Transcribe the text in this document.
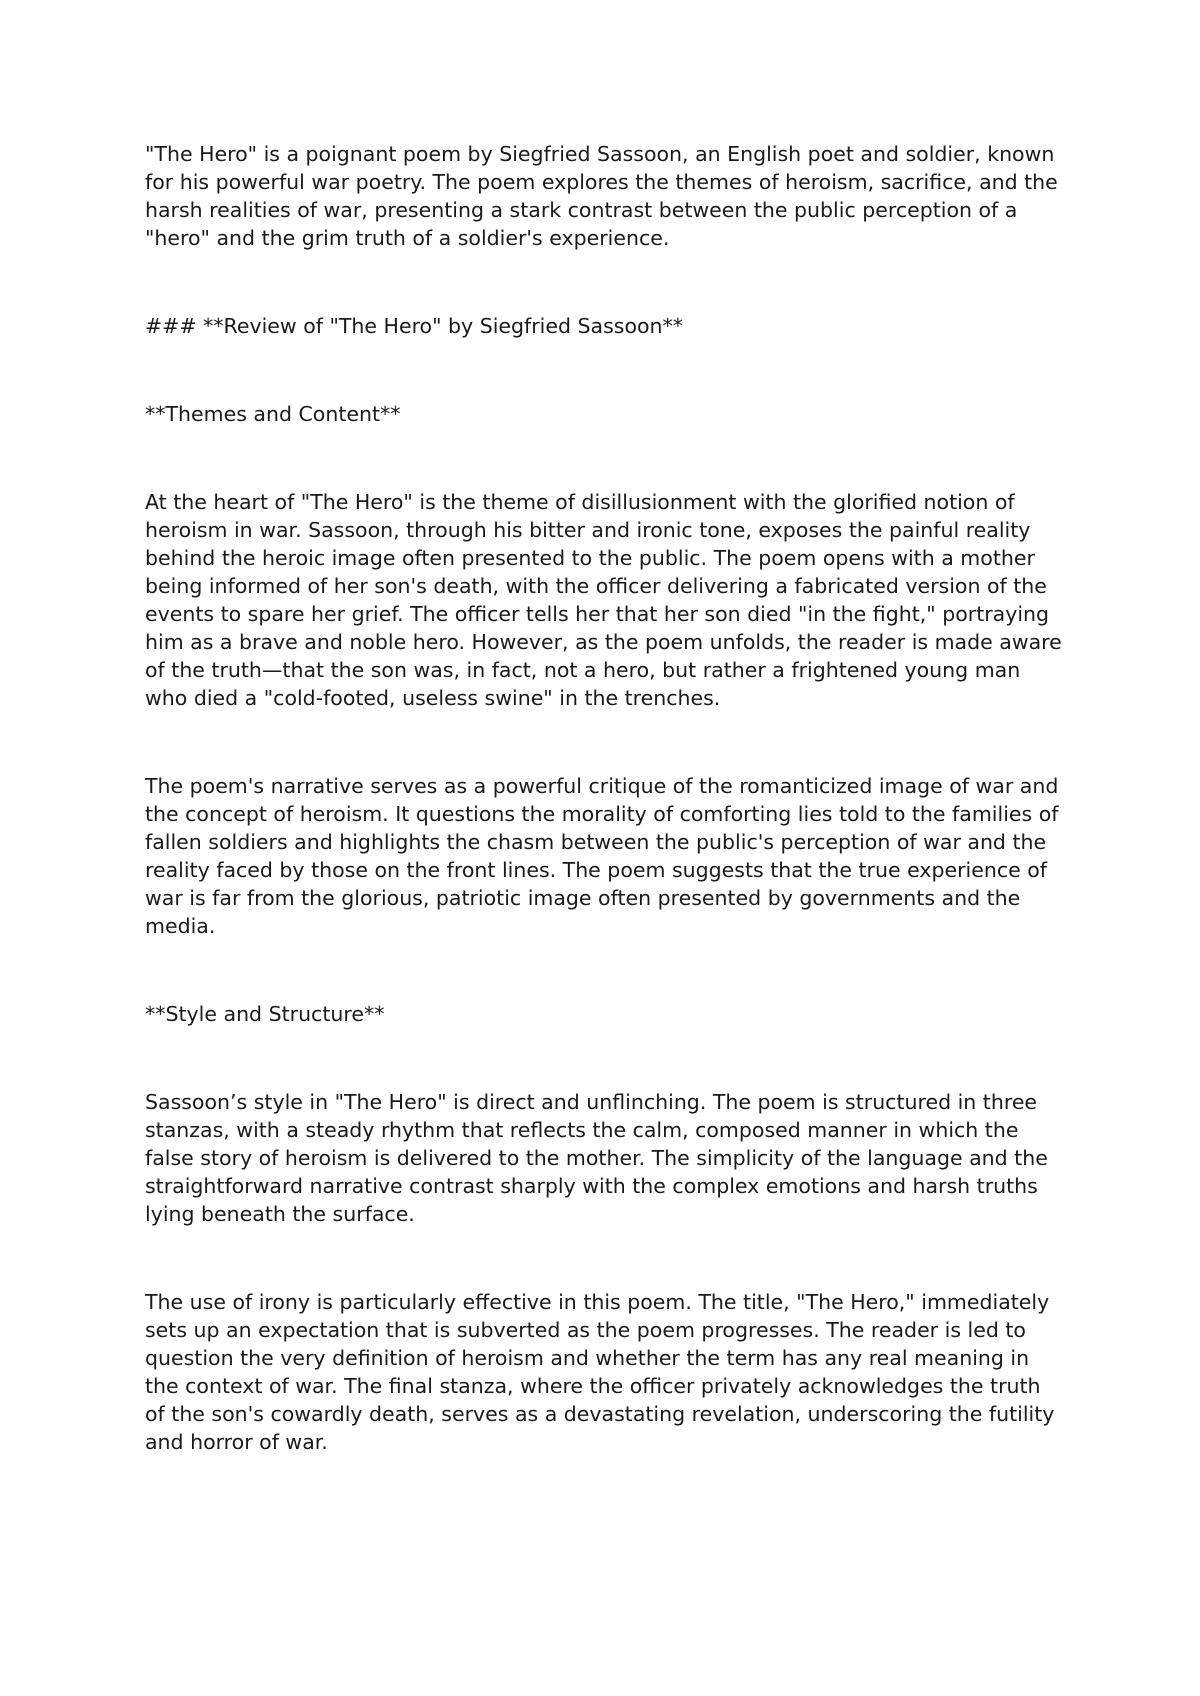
"The Hero" is a poignant poem by Siegfried Sassoon, an English poet and soldier, known for his powerful war poetry. The poem explores the themes of heroism, sacrifice, and the harsh realities of war, presenting a stark contrast between the public perception of a "hero" and the grim truth of a soldier's experience.

### **Review of "The Hero" by Siegfried Sassoon**

**Themes and Content**

At the heart of "The Hero" is the theme of disillusionment with the glorified notion of heroism in war. Sassoon, through his bitter and ironic tone, exposes the painful reality behind the heroic image often presented to the public. The poem opens with a mother being informed of her son's death, with the officer delivering a fabricated version of the events to spare her grief. The officer tells her that her son died "in the fight," portraying him as a brave and noble hero. However, as the poem unfolds, the reader is made aware of the truth—that the son was, in fact, not a hero, but rather a frightened young man who died a "cold-footed, useless swine" in the trenches.

The poem's narrative serves as a powerful critique of the romanticized image of war and the concept of heroism. It questions the morality of comforting lies told to the families of fallen soldiers and highlights the chasm between the public's perception of war and the reality faced by those on the front lines. The poem suggests that the true experience of war is far from the glorious, patriotic image often presented by governments and the media.

**Style and Structure**

Sassoon’s style in "The Hero" is direct and unflinching. The poem is structured in three stanzas, with a steady rhythm that reflects the calm, composed manner in which the false story of heroism is delivered to the mother. The simplicity of the language and the straightforward narrative contrast sharply with the complex emotions and harsh truths lying beneath the surface.

The use of irony is particularly effective in this poem. The title, "The Hero," immediately sets up an expectation that is subverted as the poem progresses. The reader is led to question the very definition of heroism and whether the term has any real meaning in the context of war. The final stanza, where the officer privately acknowledges the truth of the son's cowardly death, serves as a devastating revelation, underscoring the futility and horror of war.
